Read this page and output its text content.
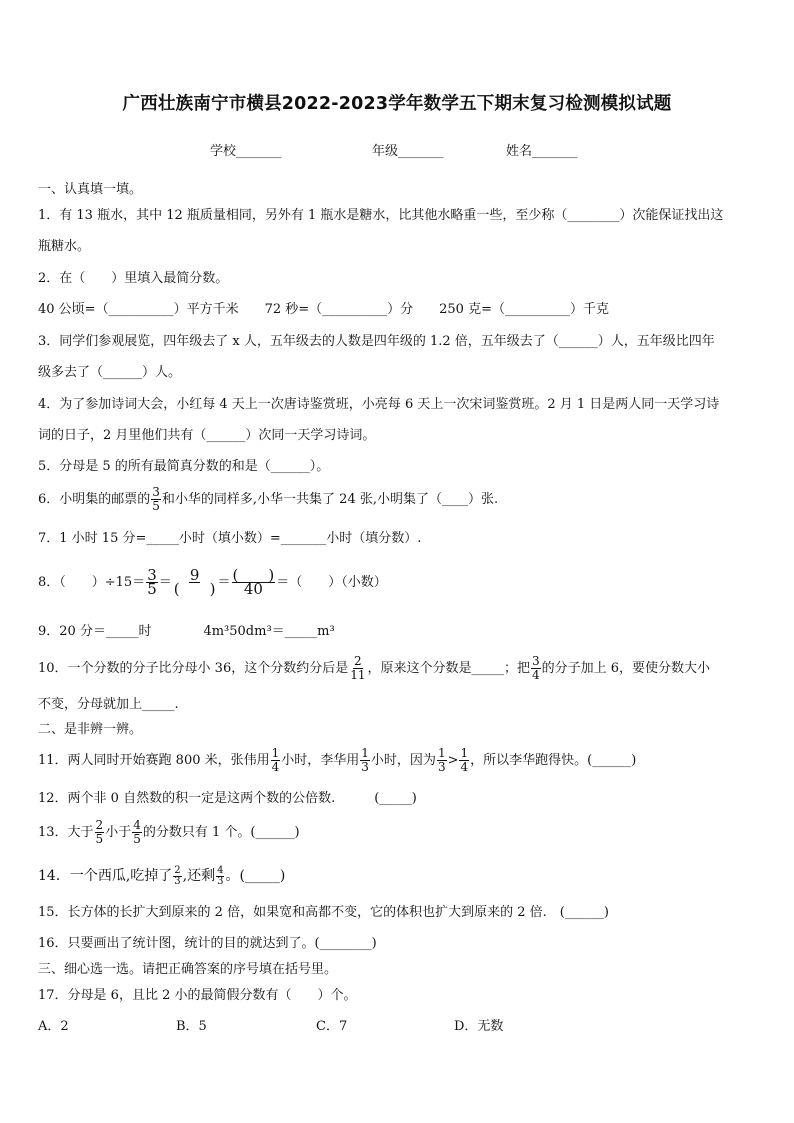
广西壮族南宁市横县2022-2023学年数学五下期末复习检测模拟试题
学校_______	年级_______	姓名_______
一、认真填一填。
1．有 13 瓶水，其中 12 瓶质量相同，另外有 1 瓶水是糖水，比其他水略重一些，至少称（________）次能保证找出这
瓶糖水。
2．在（　　）里填入最简分数。
40 公顷=（__________）平方千米　　72 秒=（__________）分　　250 克=（__________）千克
3．同学们参观展览，四年级去了 x 人，五年级去的人数是四年级的 1.2 倍，五年级去了（______）人，五年级比四年
级多去了（______）人。
4．为了参加诗词大会，小红每 4 天上一次唐诗鉴赏班，小亮每 6 天上一次宋词鉴赏班。2 月 1 日是两人同一天学习诗
词的日子，2 月里他们共有（______）次同一天学习诗词。
5．分母是 5 的所有最简真分数的和是（______）。
6．小明集的邮票的 $\frac{3}{5}$ 和小华的同样多,小华一共集了 24 张,小明集了（____）张.
7．1 小时 15 分=_____小时（填小数）=_______小时（填分数）.
8．（　　）$\div 15= \frac{3}{5} = \frac{9}{( )} = \frac{( )}{40}$ ＝（　　）（小数）
9．20 分＝_____时　　　　4m³50dm³＝_____m³
10．一个分数的分子比分母小 36，这个分数约分后是 $\frac{2}{11}$ ，原来这个分数是_____；把 $\frac{3}{4}$ 的分子加上 6，要使分数大小
不变，分母就加上_____.
二、是非辨一辨。
11．两人同时开始赛跑 800 米，张伟用 $\frac{1}{4}$ 小时，李华用 $\frac{1}{3}$ 小时，因为 $\frac{1}{3} > \frac{1}{4}$ ，所以李华跑得快。(______)
12．两个非 0 自然数的积一定是这两个数的公倍数.　　　(_____)
13．大于 $\frac{2}{5}$ 小于 $\frac{4}{5}$ 的分数只有 1 个。(______)
14．一个西瓜,吃掉了 $\frac{2}{3}$ ,还剩 $\frac{4}{3}$ 。(_____)
15．长方体的长扩大到原来的 2 倍，如果宽和高都不变，它的体积也扩大到原来的 2 倍.　(______)
16．只要画出了统计图，统计的目的就达到了。(________)
三、细心选一选。请把正确答案的序号填在括号里。
17．分母是 6，且比 2 小的最简假分数有（　　）个。
A．2	B．5	C．7	D．无数
